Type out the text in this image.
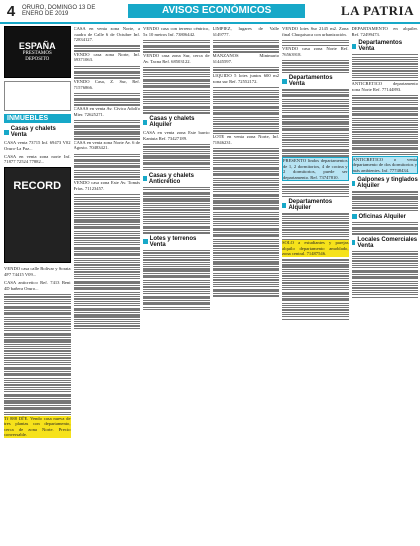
4	ORURO, DOMINGO 13 DE ENERO DE 2019	AVISOS ECONÓMICOS	LA PATRIA
ESPAÑA
PRESTAMOS
DEPOSITO
INMUEBLES
Casas y chalets Venta
CASA venta 73715 Inf. 69473 V02 Oruro-La Paz...
CASA en venta zona norte Inf. 71877 72524 77882...
RECORD
VENDO casa calle Bolivar y Sorata 4P7 74415 V09...
CASA anticretico Ref. 7413 Beni 4D bañera Oruro...
Tf 888 DÍ'E. Vendo casa nueva de tres plantas con departamento, cerca de zona Norte. Precio conversable.
CASA en venta zona Norte, a cuadra de Calle 6 de Octubre Inf. 72834127.
VENDO casa zona Norte, Inf. 69371063.
VENDO Casa, Z. Sur, Ref. 71576866.
CASAS en venta Av. Cívica Adolfo Mier. 72625271.
CASA en venta zona Norte Av. 6 de Agosto. 70483421.
VENDO casa zona Este Av. Tomás Frías. 71123457.
VENDO casa con terreno céntrico, 5x 10 metros Inf. 73806442.
VENDO casa zona Sur, cerca de Av. Tacna Ref. 68503122.
Casas y chalets Alquiler
CASA en venta zona Este barrio Kantuta Ref. 73427189.
Casas y chalets Anticrético
Lotes y terrenos Venta
LIMPIEZ, lugares de Valle 6149777.
MANZANOS Minimario 61445597.
LIQUIDO 5 lotes juntos 600 m2 zona sur Ref. 72552172.
LOTE en venta zona Norte, Inf. 71846231.
VENDO lotes Sur 2145 m2. Zona final Chuquisaca con urbanización.
VENDO casa zona Norte Ref. 76563918.
Departamentos Venta
PRESENTO lindos departamentos de 1, 2 dormitorios, 4 de cocina y 2 dormitorios, puede ser departamento. Ref. 73747810.
Departamentos Alquiler
SOLO a estudiantes y parejas alquilo departamento amoblado, zona central. 71487546.
DEPARTAMENTO en alquiler. Ref. 72499473.
Departamentos Venta
ANTICRETICO departamento zona Norte Ref. 77144893.
ANTICRETICO o venta departamento de dos dormitorios y más ambientes. Inf. 77748434.
Galpones y tinglados Alquiler
Oficinas Alquiler
Locales Comerciales Venta
